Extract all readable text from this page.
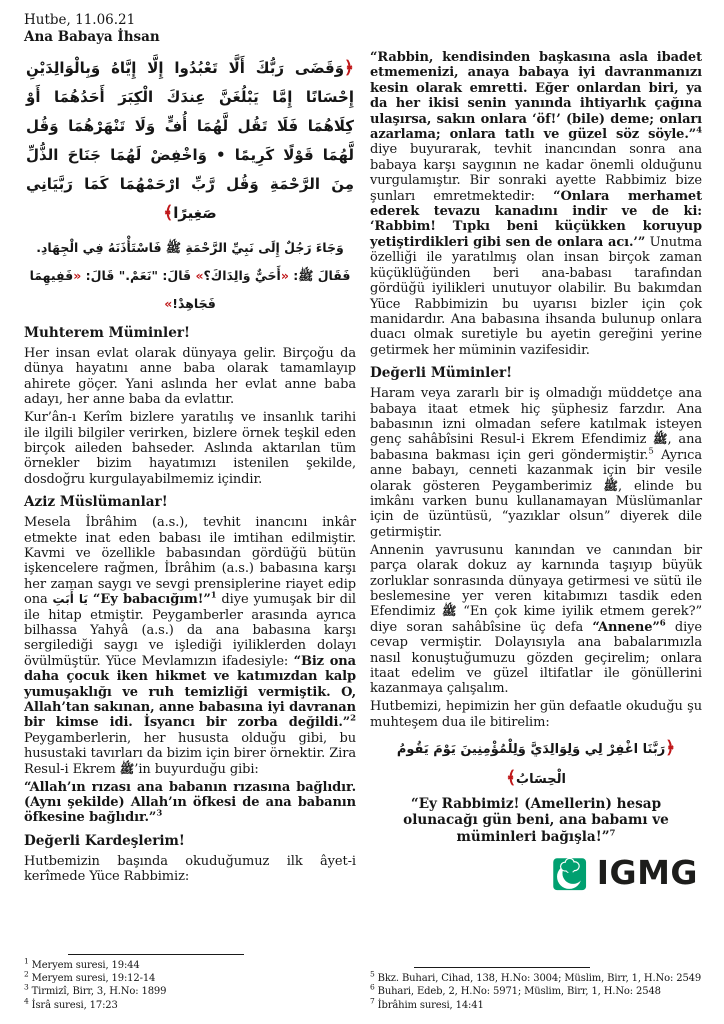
Hutbe, 11.06.21
Ana Babaya İhsan
﴿وَقَضَى رَبُّكَ أَلَّا تَعْبُدُوا إِلَّا إِيَّاهُ وَبِالْوَالِدَيْنِ إِحْسَانًا إِمَّا يَبْلُغَنَّ عِندَكَ الْكِبَرَ أَحَدُهُمَا أَوْ كِلَاهُمَا فَلَا تَقُل لَّهُمَا أُفٍّ وَلَا تَنْهَرْهُمَا وَقُل لَّهُمَا قَوْلًا كَرِيمًا • وَاخْفِضْ لَهُمَا جَنَاحَ الذُّلِّ مِنَ الرَّحْمَةِ وَقُل رَّبِّ ارْحَمْهُمَا كَمَا رَبَّيَانِي صَغِيرًا﴾
وَجَاءَ رَجُلٌ إِلَى نَبِيِّ الرَّحْمَةِ ﷺ فَاسْتَأْذَنَهُ فِي الْجِهَادِ. فَقَالَ ﷺ: «أَحَيٌّ وَالِدَاكَ؟» قَالَ: "نَعَمْ." قَالَ: «فَفِيهِمَا فَجَاهِدْ!»
Muhterem Müminler!

Her insan evlat olarak dünyaya gelir. Birçoğu da dünya hayatını anne baba olarak tamamlayıp ahirete göçer. Yani aslında her evlat anne baba adayı, her anne baba da evlattır.

Kur’ân-ı Kerîm bizlere yaratılış ve insanlık tarihi ile ilgili bilgiler verirken, bizlere örnek teşkil eden birçok aileden bahseder. Aslında aktarılan tüm örnekler bizim hayatımızı istenilen şekilde, dosdoğru kurgulayabilmemiz içindir.

Aziz Müslümanlar!

Mesela İbrâhim (a.s.), tevhit inancını inkâr etmekte inat eden babası ile imtihan edilmiştir. Kavmi ve özellikle babasından gördüğü bütün işkencelere rağmen, İbrâhim (a.s.) babasına karşı her zaman saygı ve sevgi prensiplerine riayet edip ona يَا أَبَتِ “Ey babacığım!”$^1$ diye yumuşak bir dil ile hitap etmiştir. Peygamberler arasında ayrıca bilhassa Yahyâ (a.s.) da ana babasına karşı sergilediği saygı ve işlediği iyiliklerden dolayı övülmüştür. Yüce Mevlamızın ifadesiyle: “Biz ona daha çocuk iken hikmet ve katımızdan kalp yumuşaklığı ve ruh temizliği vermiştik. O, Allah’tan sakınan, anne babasına iyi davranan bir kimse idi. İsyancı bir zorba değildi.”$^2$ Peygamberlerin, her hususta olduğu gibi, bu husustaki tavırları da bizim için birer örnektir. Zira Resul-i Ekrem ﷺ’in buyurduğu gibi:

“Allah’ın rızası ana babanın rızasına bağlıdır. (Aynı şekilde) Allah’ın öfkesi de ana babanın öfkesine bağlıdır.”$^3$

Değerli Kardeşlerim!

Hutbemizin başında okuduğumuz ilk âyet-i kerîmede Yüce Rabbimiz:

$^1$ Meryem suresi, 19:44
$^2$ Meryem suresi, 19:12-14
$^3$ Tirmizî, Birr, 3, H.No: 1899
$^4$ İsrâ suresi, 17:23

“Rabbin, kendisinden başkasına asla ibadet etmemenizi, anaya babaya iyi davranmanızı kesin olarak emretti. Eğer onlardan biri, ya da her ikisi senin yanında ihtiyarlık çağına ulaşırsa, sakın onlara ‘öf!’ (bile) deme; onları azarlama; onlara tatlı ve güzel söz söyle.”$^4$ diye buyurarak, tevhit inancından sonra ana babaya karşı saygının ne kadar önemli olduğunu vurgulamıştır. Bir sonraki ayette Rabbimiz bize şunları emretmektedir: “Onlara merhamet ederek tevazu kanadını indir ve de ki: ‘Rabbim! Tıpkı beni küçükken koruyup yetiştirdikleri gibi sen de onlara acı.’” Unutma özelliği ile yaratılmış olan insan birçok zaman küçüklüğünden beri ana-babası tarafından gördüğü iyilikleri unutuyor olabilir. Bu bakımdan Yüce Rabbimizin bu uyarısı bizler için çok manidardır. Ana babasına ihsanda bulunup onlara duacı olmak suretiyle bu ayetin gereğini yerine getirmek her müminin vazifesidir.

Değerli Müminler!

Haram veya zararlı bir iş olmadığı müddetçe ana babaya itaat etmek hiç şüphesiz farzdır. Ana babasının izni olmadan sefere katılmak isteyen genç sahâbîsini Resul-i Ekrem Efendimiz ﷺ, ana babasına bakması için geri göndermiştir.$^5$ Ayrıca anne babayı, cenneti kazanmak için bir vesile olarak gösteren Peygamberimiz ﷺ, elinde bu imkânı varken bunu kullanamayan Müslümanlar için de üzüntüsü, “yazıklar olsun” diyerek dile getirmiştir.

Annenin yavrusunu kanından ve canından bir parça olarak dokuz ay karnında taşıyıp büyük zorluklar sonrasında dünyaya getirmesi ve sütü ile beslemesine yer veren kitabımızı tasdik eden Efendimiz ﷺ “En çok kime iyilik etmem gerek?” diye soran sahâbîsine üç defa “Annene”$^6$ diye cevap vermiştir. Dolayısıyla ana babalarımızla nasıl konuştuğumuzu gözden geçirelim; onlara itaat edelim ve güzel iltifatlar ile gönüllerini kazanmaya çalışalım.

Hutbemizi, hepimizin her gün defaatle okuduğu şu muhteşem dua ile bitirelim:

﴿رَبَّنَا اغْفِرْ لِي وَلِوَالِدَيَّ وَلِلْمُؤْمِنِينَ يَوْمَ يَقُومُ الْحِسَابُ﴾

“Ey Rabbimiz! (Amellerin) hesap olunacağı gün beni, ana babamı ve müminleri bağışla!”$^7$

IGMG
$^5$ Bkz. Buhari, Cihad, 138, H.No: 3004; Müslim, Birr, 1, H.No: 2549
$^6$ Buhari, Edeb, 2, H.No: 5971; Müslim, Birr, 1, H.No: 2548
$^7$ İbrâhim suresi, 14:41
